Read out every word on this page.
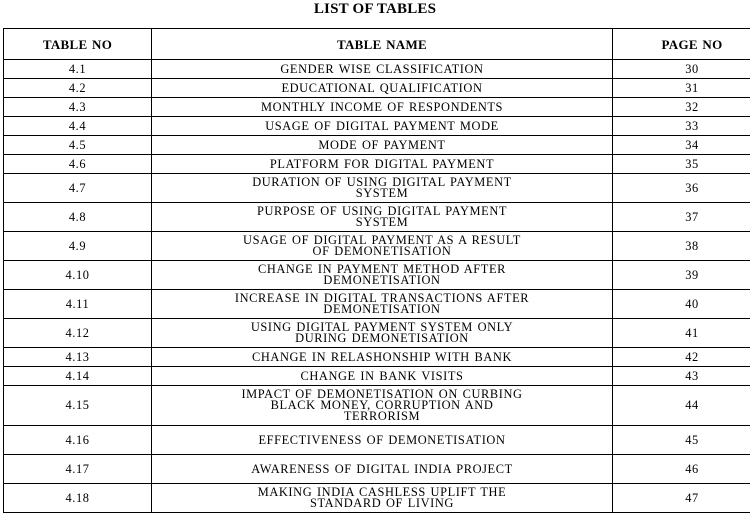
LIST OF TABLES
TABLE NO	TABLE NAME	PAGE NO
4.1	GENDER WISE CLASSIFICATION	30
4.2	EDUCATIONAL QUALIFICATION	31
4.3	MONTHLY INCOME OF RESPONDENTS	32
4.4	USAGE OF DIGITAL PAYMENT MODE	33
4.5	MODE OF PAYMENT	34
4.6	PLATFORM FOR DIGITAL PAYMENT	35
4.7	DURATION OF USING DIGITAL PAYMENT
SYSTEM	36
4.8	PURPOSE OF USING DIGITAL PAYMENT
SYSTEM	37
4.9	USAGE OF DIGITAL PAYMENT AS A RESULT
OF DEMONETISATION	38
4.10	CHANGE IN PAYMENT METHOD AFTER
DEMONETISATION	39
4.11	INCREASE IN DIGITAL TRANSACTIONS AFTER
DEMONETISATION	40
4.12	USING DIGITAL PAYMENT SYSTEM ONLY
DURING DEMONETISATION	41
4.13	CHANGE IN RELASHONSHIP WITH BANK	42
4.14	CHANGE IN BANK VISITS	43
4.15	IMPACT OF DEMONETISATION ON CURBING
BLACK MONEY, CORRUPTION AND
TERRORISM	44
4.16	EFFECTIVENESS OF DEMONETISATION	45
4.17	AWARENESS OF DIGITAL INDIA PROJECT	46
4.18	MAKING INDIA CASHLESS UPLIFT THE
STANDARD OF LIVING	47
